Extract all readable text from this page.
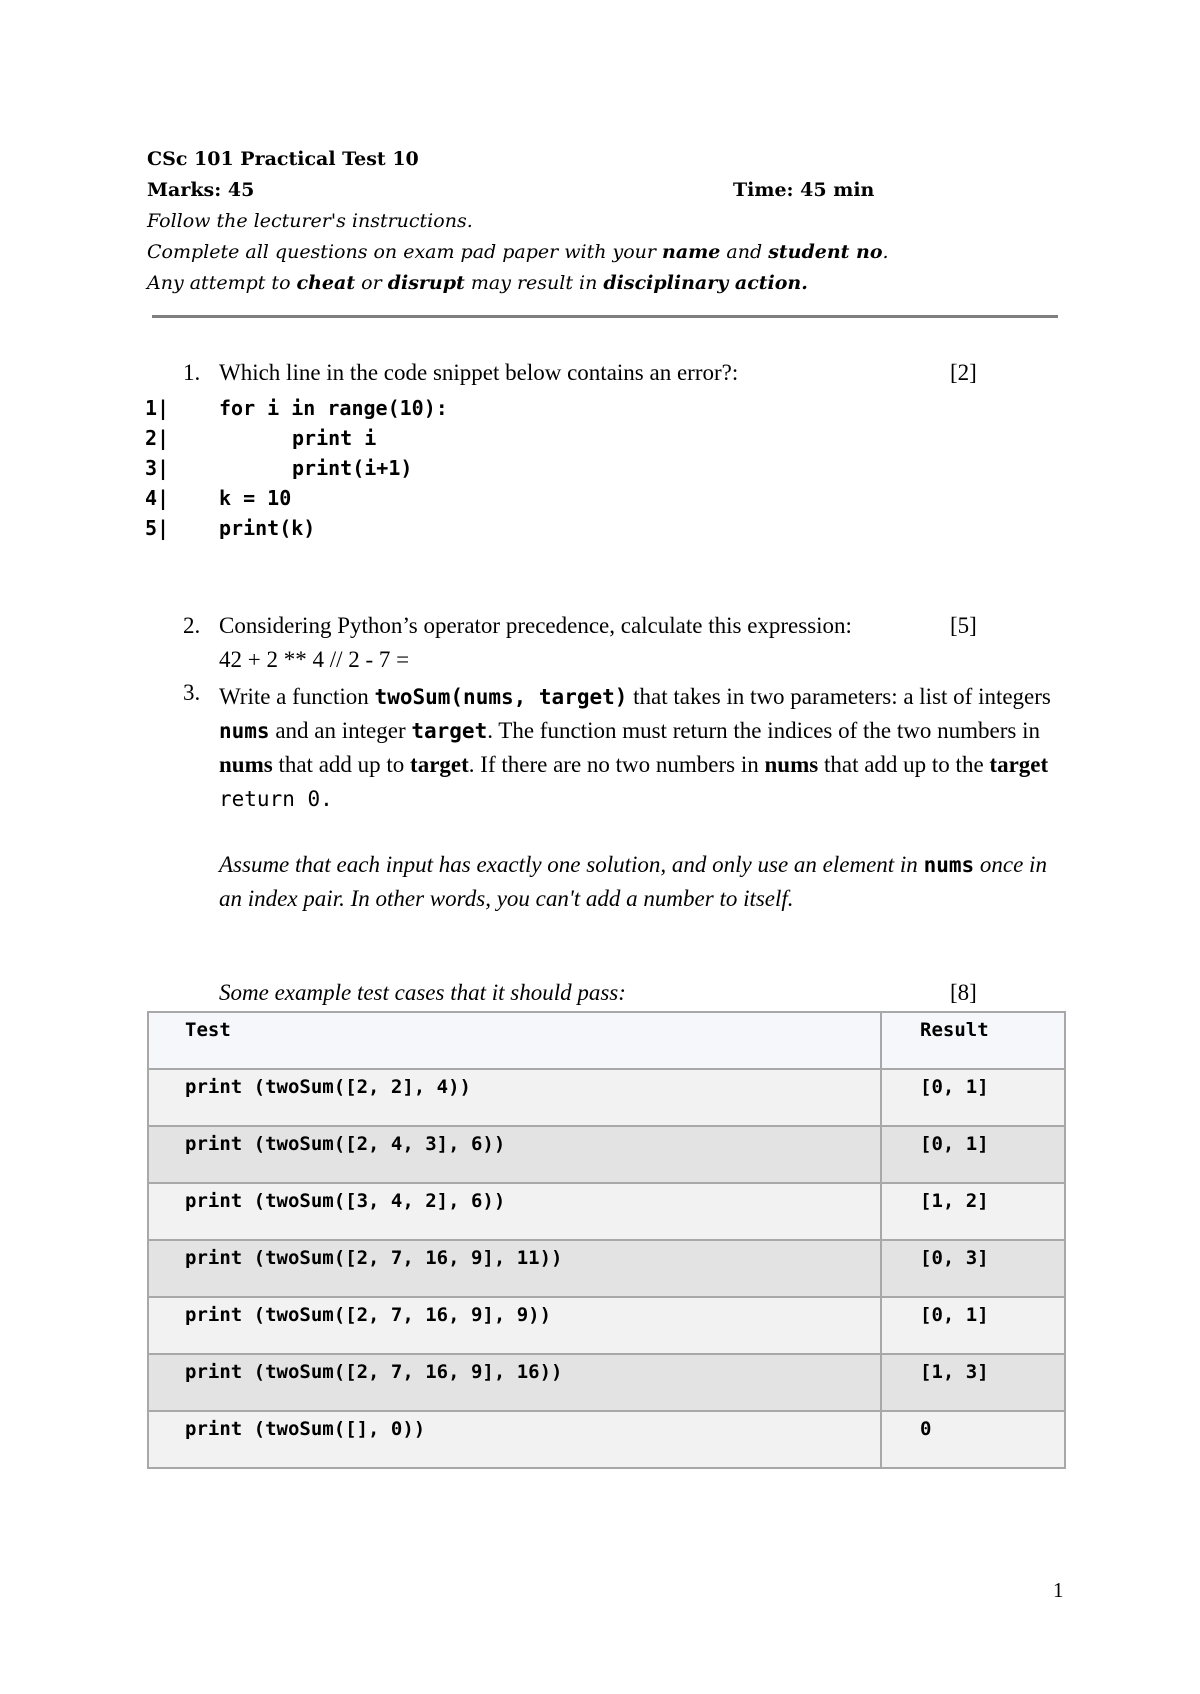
CSc 101 Practical Test 10
Marks: 45	Time: 45 min
Follow the lecturer's instructions.
Complete all questions on exam pad paper with your name and student no.
Any attempt to cheat or disrupt may result in disciplinary action.
1. Which line in the code snippet below contains an error?:	[2]
1| for i in range(10):
2|	print i
3|	print(i+1)
4| k = 10
5| print(k)
2. Considering Python’s operator precedence, calculate this expression:	[5]
42 + 2 ** 4 // 2 - 7 =
3. Write a function twoSum(nums, target) that takes in two parameters: a list of integers nums and an integer target. The function must return the indices of the two numbers in nums that add up to target. If there are no two numbers in nums that add up to the target return 0.
Assume that each input has exactly one solution, and only use an element in nums once in an index pair. In other words, you can't add a number to itself.
Some example test cases that it should pass:	[8]
Test	Result

print (twoSum([2, 2], 4))	[0, 1]

print (twoSum([2, 4, 3], 6))	[0, 1]

print (twoSum([3, 4, 2], 6))	[1, 2]

print (twoSum([2, 7, 16, 9], 11))	[0, 3]

print (twoSum([2, 7, 16, 9], 9))	[0, 1]

print (twoSum([2, 7, 16, 9], 16))	[1, 3]

print (twoSum([], 0))	0
1
